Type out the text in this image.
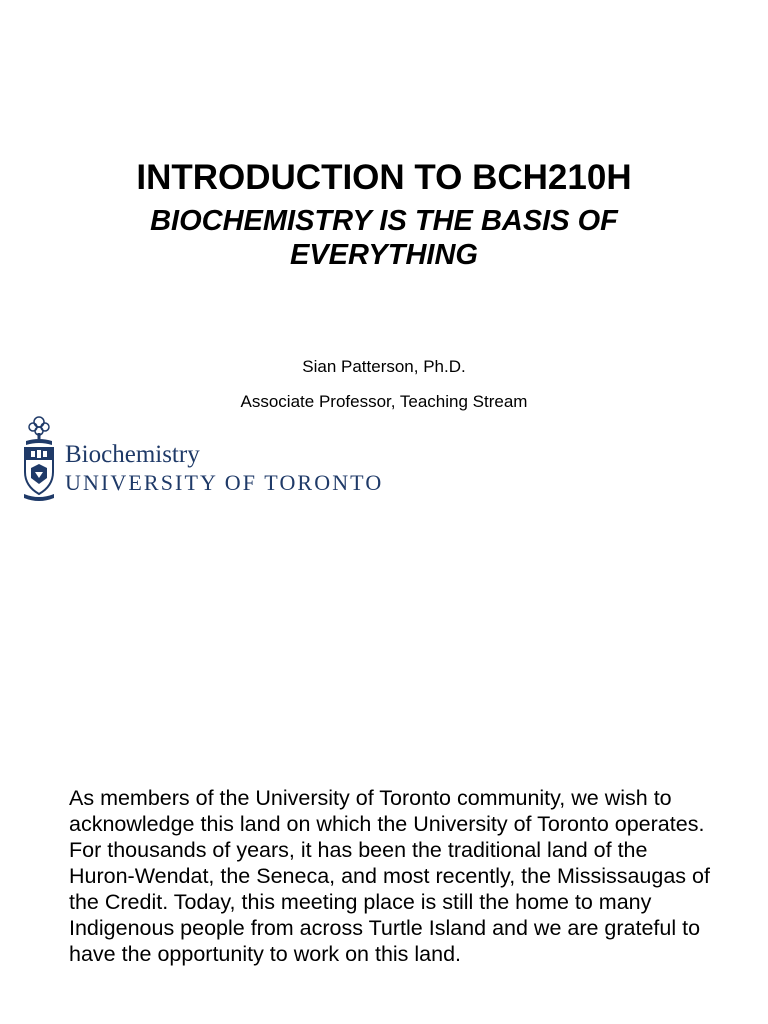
INTRODUCTION TO BCH210H
BIOCHEMISTRY IS THE BASIS OF EVERYTHING
Sian Patterson, Ph.D.
Associate Professor, Teaching Stream
Biochemistry
UNIVERSITY OF TORONTO

As members of the University of Toronto community, we wish to acknowledge this land on which the University of Toronto operates. For thousands of years, it has been the traditional land of the Huron-Wendat, the Seneca, and most recently, the Mississaugas of the Credit. Today, this meeting place is still the home to many Indigenous people from across Turtle Island and we are grateful to have the opportunity to work on this land.
